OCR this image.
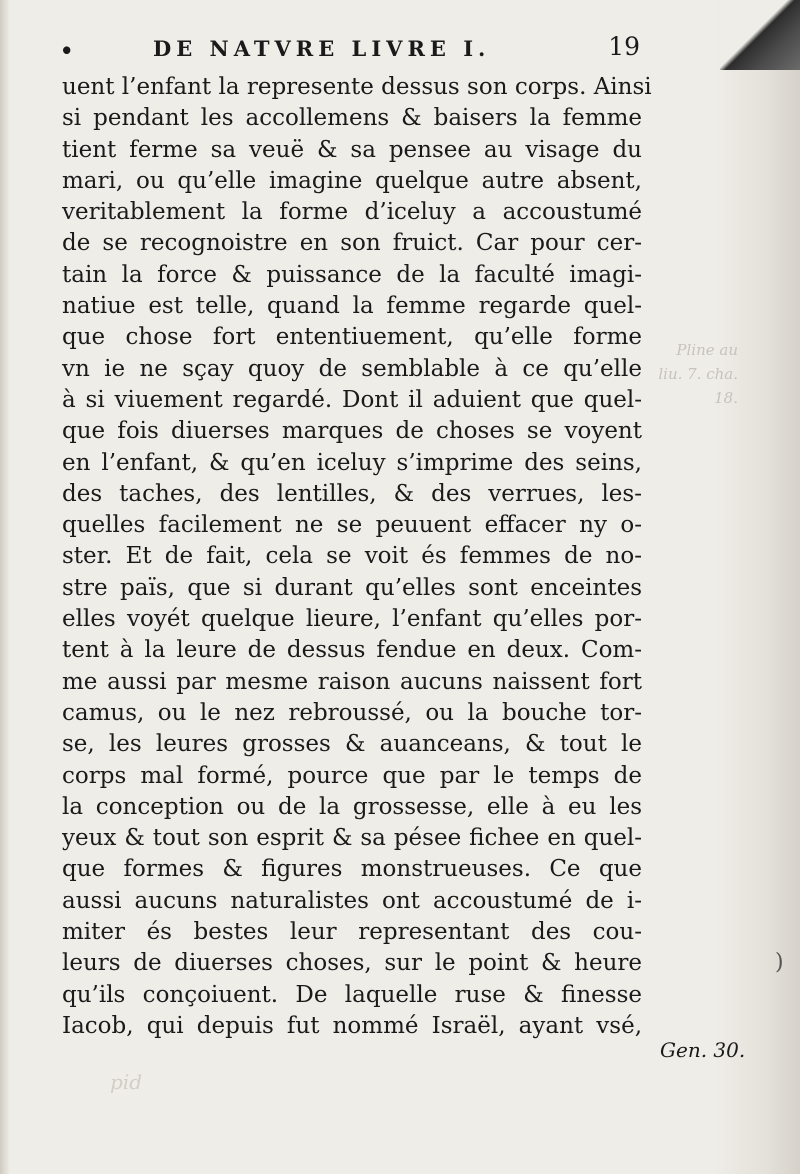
•	DE NATVRE LIVRE I.	19
uent l’enfant la represente dessus son corps. Ainsi
si pendant les accollemens & baisers la femme
tient ferme sa veuë & sa pensee au visage du
mari, ou qu’elle imagine quelque autre absent,
veritablement la forme d’iceluy a accoustumé
de se recognoistre en son fruict. Car pour cer-
tain la force & puissance de la faculté imagi-
natiue est telle, quand la femme regarde quel-
que chose fort ententiuement, qu’elle forme
vn ie ne sçay quoy de semblable à ce qu’elle
à si viuement regardé. Dont il aduient que quel-
que fois diuerses marques de choses se voyent
en l’enfant, & qu’en iceluy s’imprime des seins,
des taches, des lentilles, & des verrues, les-
quelles facilement ne se peuuent effacer ny o-
ster. Et de fait, cela se voit és femmes de no-
stre païs, que si durant qu’elles sont enceintes
elles voyét quelque lieure, l’enfant qu’elles por-
tent à la leure de dessus fendue en deux. Com-
me aussi par mesme raison aucuns naissent fort
camus, ou le nez rebroussé, ou la bouche tor-
se, les leures grosses & auanceans, & tout le
corps mal formé, pource que par le temps de
la conception ou de la grossesse, elle à eu les
yeux & tout son esprit & sa pésee fichee en quel-
que formes & figures monstrueuses. Ce que
aussi aucuns naturalistes ont accoustumé de i-
miter és bestes leur representant des cou-
leurs de diuerses choses, sur le point & heure
qu’ils conçoiuent. De laquelle ruse & finesse
Iacob, qui depuis fut nommé Israël, ayant vsé,
Pline au
liu. 7. cha.
18.
Gen. 30.
pid
)
